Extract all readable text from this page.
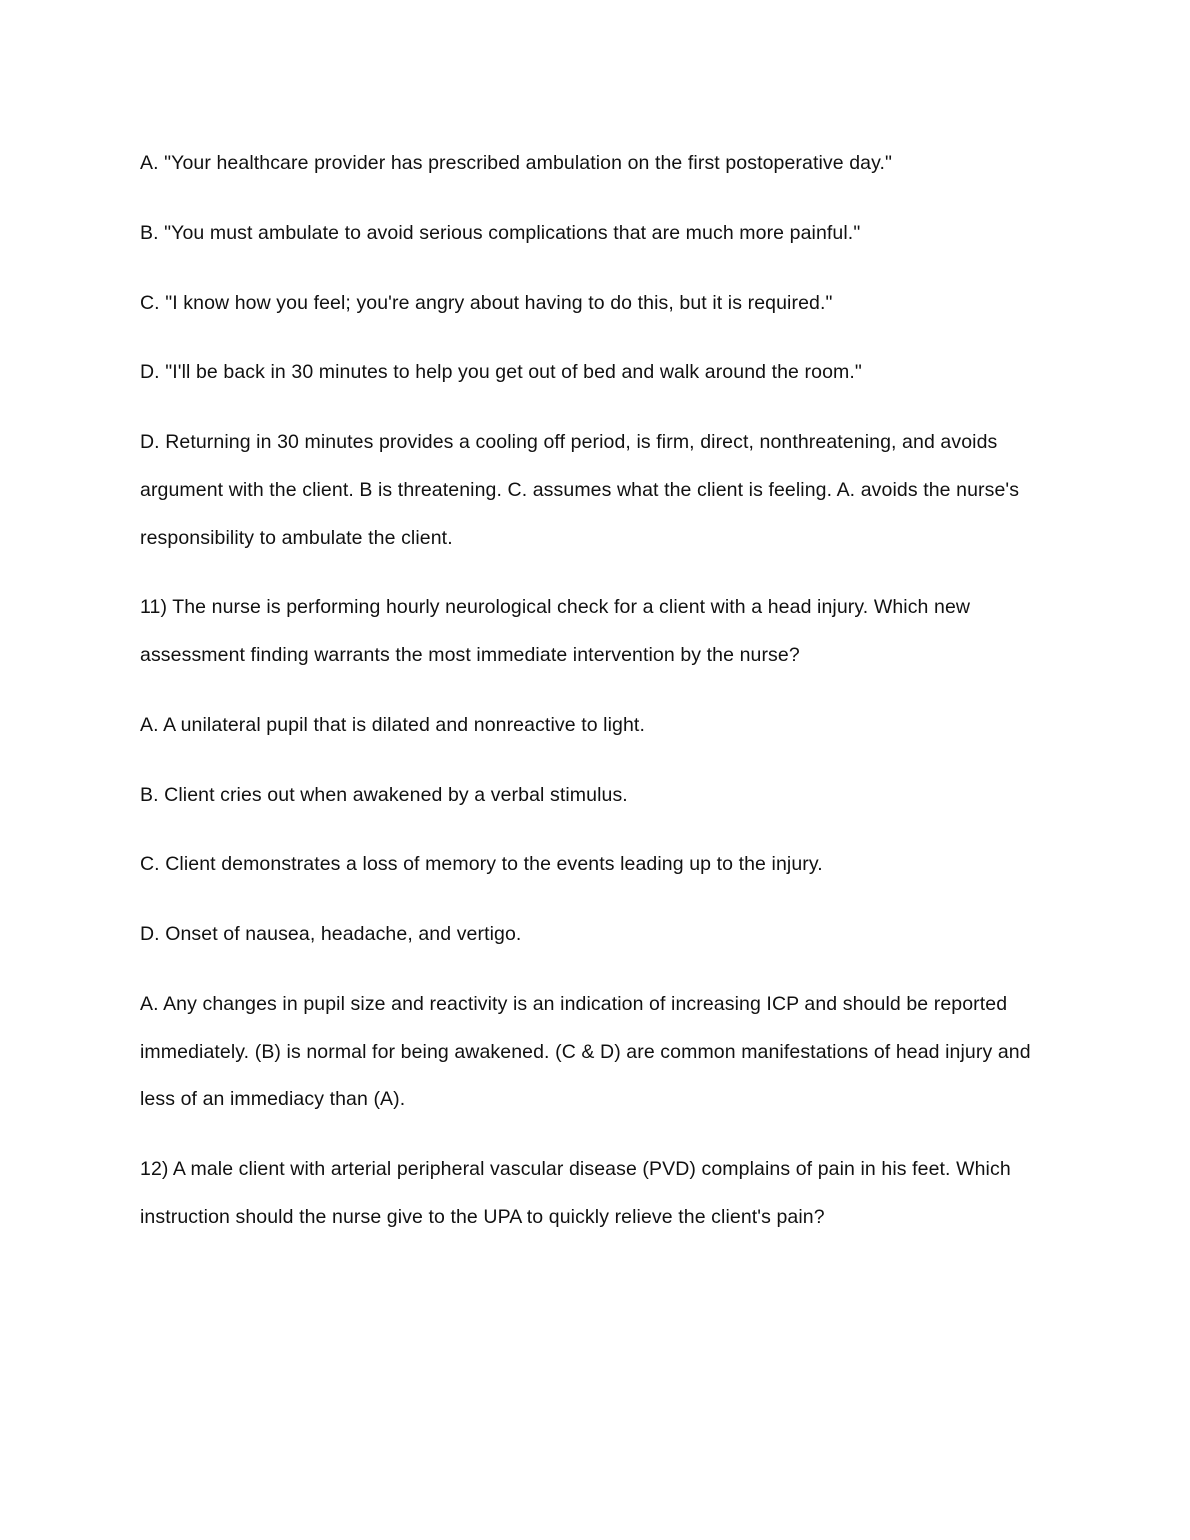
A. "Your healthcare provider has prescribed ambulation on the first postoperative day."

B. "You must ambulate to avoid serious complications that are much more painful."

C. "I know how you feel; you're angry about having to do this, but it is required."

D. "I'll be back in 30 minutes to help you get out of bed and walk around the room."

D. Returning in 30 minutes provides a cooling off period, is firm, direct, nonthreatening, and avoids argument with the client. B is threatening. C. assumes what the client is feeling. A. avoids the nurse's responsibility to ambulate the client.

11) The nurse is performing hourly neurological check for a client with a head injury. Which new assessment finding warrants the most immediate intervention by the nurse?

A. A unilateral pupil that is dilated and nonreactive to light.

B. Client cries out when awakened by a verbal stimulus.

C. Client demonstrates a loss of memory to the events leading up to the injury.

D. Onset of nausea, headache, and vertigo.

A. Any changes in pupil size and reactivity is an indication of increasing ICP and should be reported immediately. (B) is normal for being awakened. (C & D) are common manifestations of head injury and less of an immediacy than (A).

12) A male client with arterial peripheral vascular disease (PVD) complains of pain in his feet. Which instruction should the nurse give to the UPA to quickly relieve the client's pain?
